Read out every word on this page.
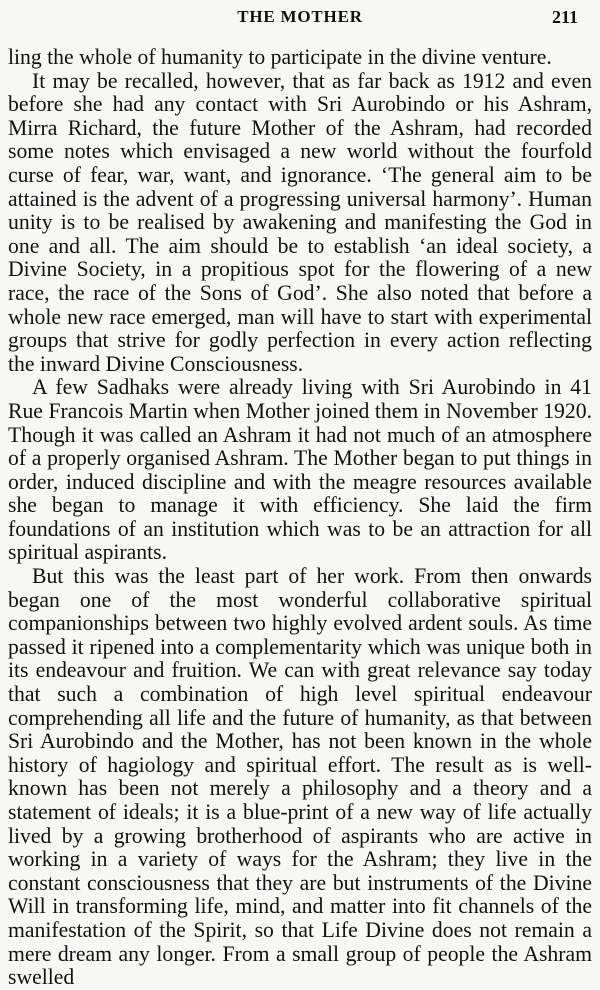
THE MOTHER	211

ling the whole of humanity to participate in the divine venture.

It may be recalled, however, that as far back as 1912 and even before she had any contact with Sri Aurobindo or his Ashram, Mirra Richard, the future Mother of the Ashram, had recorded some notes which envisaged a new world without the fourfold curse of fear, war, want, and ignorance. ‘The general aim to be attained is the advent of a progressing universal harmony’. Human unity is to be realised by awakening and manifesting the God in one and all. The aim should be to establish ‘an ideal society, a Divine Society, in a propitious spot for the flowering of a new race, the race of the Sons of God’. She also noted that before a whole new race emerged, man will have to start with experimental groups that strive for godly perfection in every action reflecting the inward Divine Consciousness.

A few Sadhaks were already living with Sri Aurobindo in 41 Rue Francois Martin when Mother joined them in November 1920. Though it was called an Ashram it had not much of an atmosphere of a properly organised Ashram. The Mother began to put things in order, induced discipline and with the meagre resources available she began to manage it with efficiency. She laid the firm foundations of an institution which was to be an attraction for all spiritual aspirants.

But this was the least part of her work. From then onwards began one of the most wonderful collaborative spiritual companionships between two highly evolved ardent souls. As time passed it ripened into a complementarity which was unique both in its endeavour and fruition. We can with great relevance say today that such a combination of high level spiritual endeavour comprehending all life and the future of humanity, as that between Sri Aurobindo and the Mother, has not been known in the whole history of hagiology and spiritual effort. The result as is well-known has been not merely a philosophy and a theory and a statement of ideals; it is a blue-print of a new way of life actually lived by a growing brotherhood of aspirants who are active in working in a variety of ways for the Ashram; they live in the constant consciousness that they are but instruments of the Divine Will in transforming life, mind, and matter into fit channels of the manifestation of the Spirit, so that Life Divine does not remain a mere dream any longer. From a small group of people the Ashram swelled
